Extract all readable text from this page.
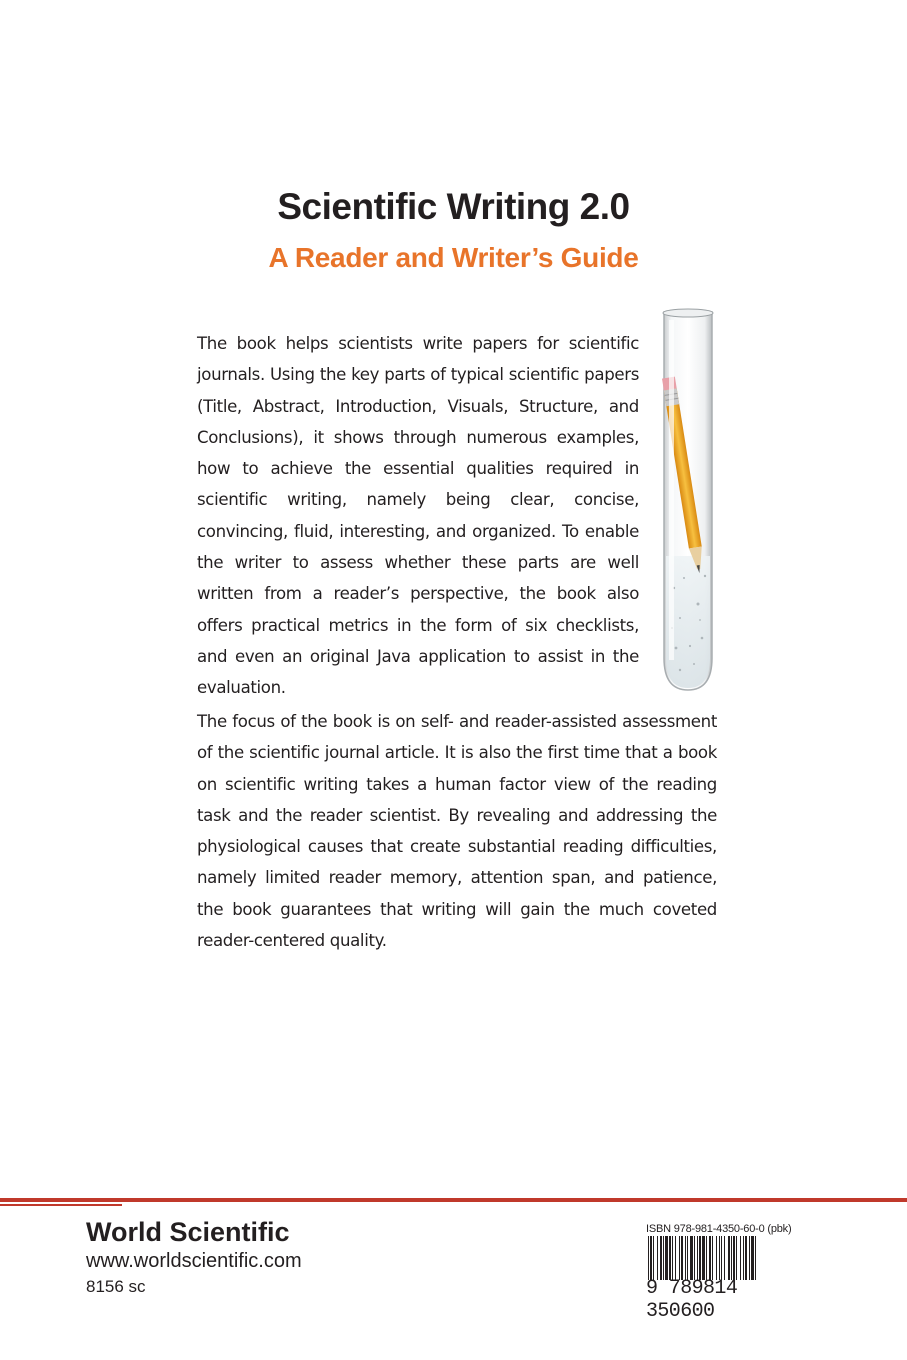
Scientific Writing 2.0
A Reader and Writer’s Guide

The book helps scientists write papers for scientific journals. Using the key parts of typical scientific papers (Title, Abstract, Introduction, Visuals, Structure, and Conclusions), it shows through numerous examples, how to achieve the essential qualities required in scientific writing, namely being clear, concise, convincing, fluid, interesting, and organized. To enable the writer to assess whether these parts are well written from a reader’s perspective, the book also offers practical metrics in the form of six checklists, and even an original Java application to assist in the evaluation.

The focus of the book is on self- and reader-assisted assessment of the scientific journal article. It is also the first time that a book on scientific writing takes a human factor view of the reading task and the reader scientist. By revealing and addressing the physiological causes that create substantial reading difficulties, namely limited reader memory, attention span, and patience, the book guarantees that writing will gain the much coveted reader-centered quality.

World Scientific
www.worldscientific.com
8156 sc
ISBN 978-981-4350-60-0 (pbk)
9 789814 350600
